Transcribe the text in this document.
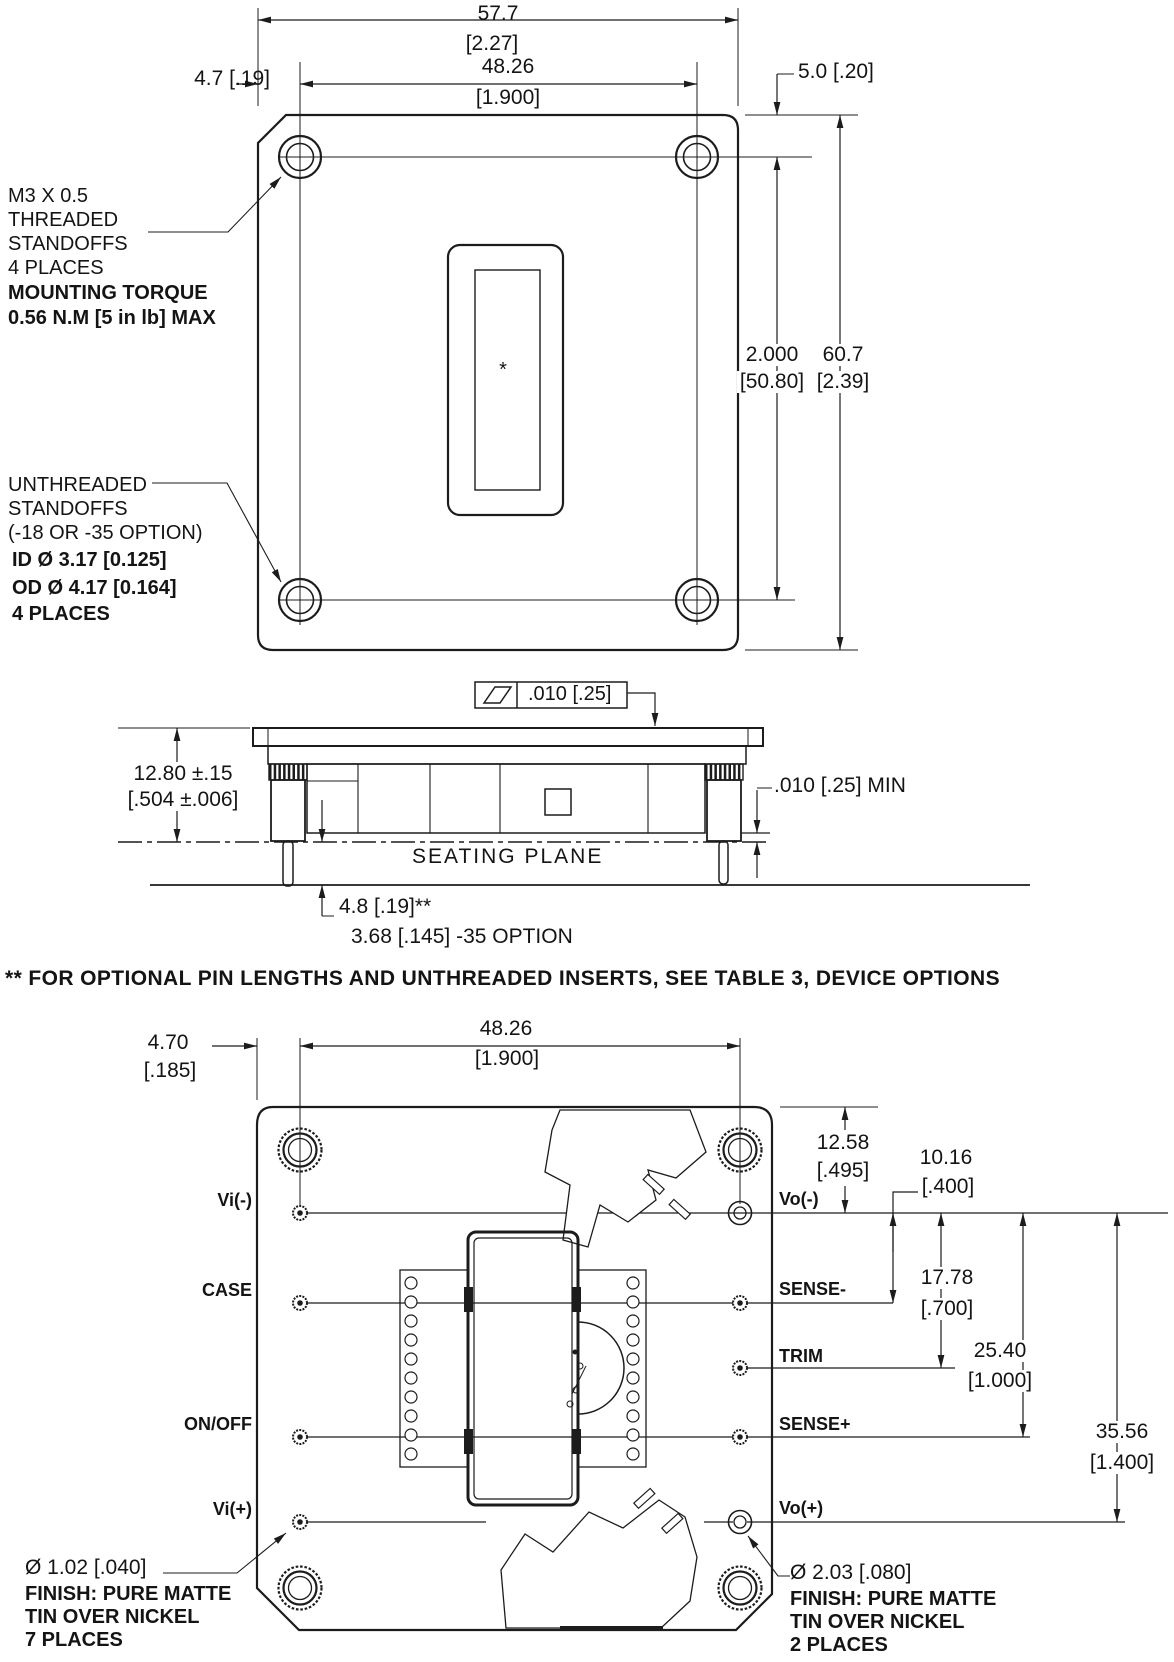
57.7
[2.27]
48.26
[1.900]
4.7 [.19]	5.0 [.20]
2.000
[50.80]
60.7
[2.39]
*
M3 X 0.5
THREADED
STANDOFFS
4 PLACES
MOUNTING TORQUE
0.56 N.M [5 in lb] MAX
UNTHREADED
STANDOFFS
(-18 OR -35 OPTION)
ID Ø 3.17 [0.125]
OD Ø 4.17 [0.164]
4 PLACES
.010 [.25]
12.80 ±.15
[.504 ±.006]
.010 [.25] MIN
SEATING PLANE
4.8 [.19]**
3.68 [.145] -35 OPTION
** FOR OPTIONAL PIN LENGTHS AND UNTHREADED INSERTS, SEE TABLE 3, DEVICE OPTIONS
4.70
[.185]
48.26
[1.900]
Vi(-)
CASE
ON/OFF
Vi(+)
Vo(-)
SENSE-
TRIM
SENSE+
Vo(+)
12.58
[.495]
10.16
[.400]
17.78
[.700]
25.40
[1.000]
35.56
[1.400]
Ø 1.02 [.040]
FINISH: PURE MATTE
TIN OVER NICKEL
7 PLACES
Ø 2.03 [.080]
FINISH: PURE MATTE
TIN OVER NICKEL
2 PLACES
